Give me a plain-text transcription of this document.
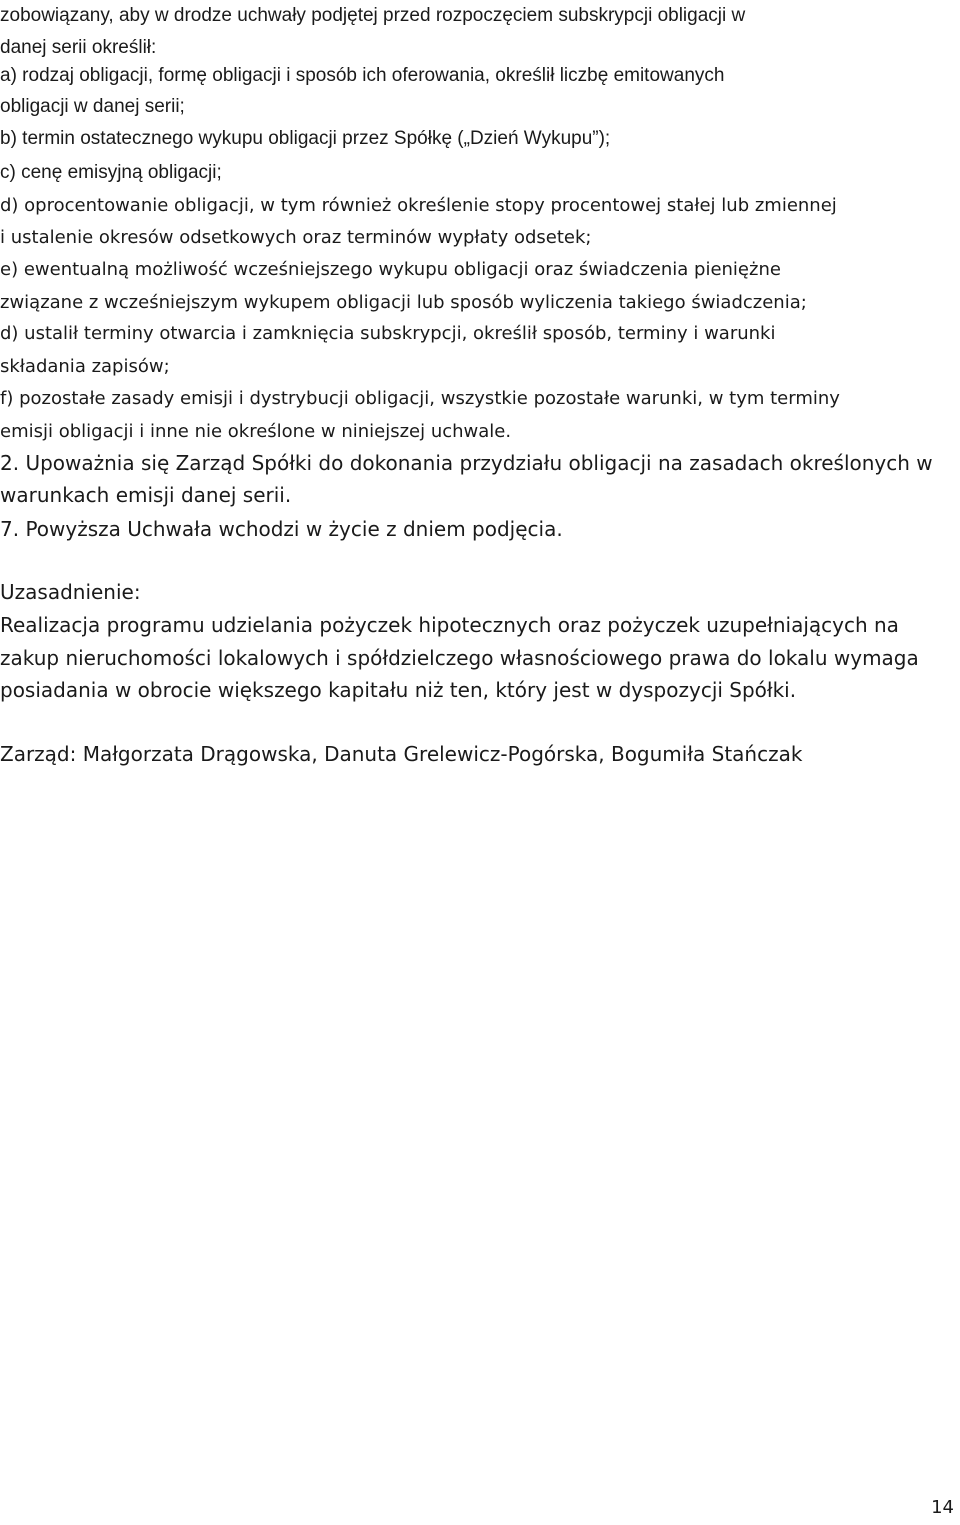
zobowiązany, aby w drodze uchwały podjętej przed rozpoczęciem subskrypcji obligacji w
danej serii określił:
a) rodzaj obligacji, formę obligacji i sposób ich oferowania, określił liczbę emitowanych
obligacji w danej serii;
b) termin ostatecznego wykupu obligacji przez Spółkę („Dzień Wykupu”);
c) cenę emisyjną obligacji;
d) oprocentowanie obligacji, w tym również określenie stopy procentowej stałej lub zmiennej
i ustalenie okresów odsetkowych oraz terminów wypłaty odsetek;
e) ewentualną możliwość wcześniejszego wykupu obligacji oraz świadczenia pieniężne
związane z wcześniejszym wykupem obligacji lub sposób wyliczenia takiego świadczenia;
d) ustalił terminy otwarcia i zamknięcia subskrypcji, określił sposób, terminy i warunki
składania zapisów;
f) pozostałe zasady emisji i dystrybucji obligacji, wszystkie pozostałe warunki, w tym terminy
emisji obligacji i inne nie określone w niniejszej uchwale.
2. Upoważnia się Zarząd Spółki do dokonania przydziału obligacji na zasadach określonych w
warunkach emisji danej serii.
7. Powyższa Uchwała wchodzi w życie z dniem podjęcia.
Uzasadnienie:
Realizacja programu udzielania pożyczek hipotecznych oraz pożyczek uzupełniających na
zakup nieruchomości lokalowych i spółdzielczego własnościowego prawa do lokalu wymaga
posiadania w obrocie większego kapitału niż ten, który jest w dyspozycji Spółki.
Zarząd: Małgorzata Drągowska, Danuta Grelewicz-Pogórska, Bogumiła Stańczak
14
